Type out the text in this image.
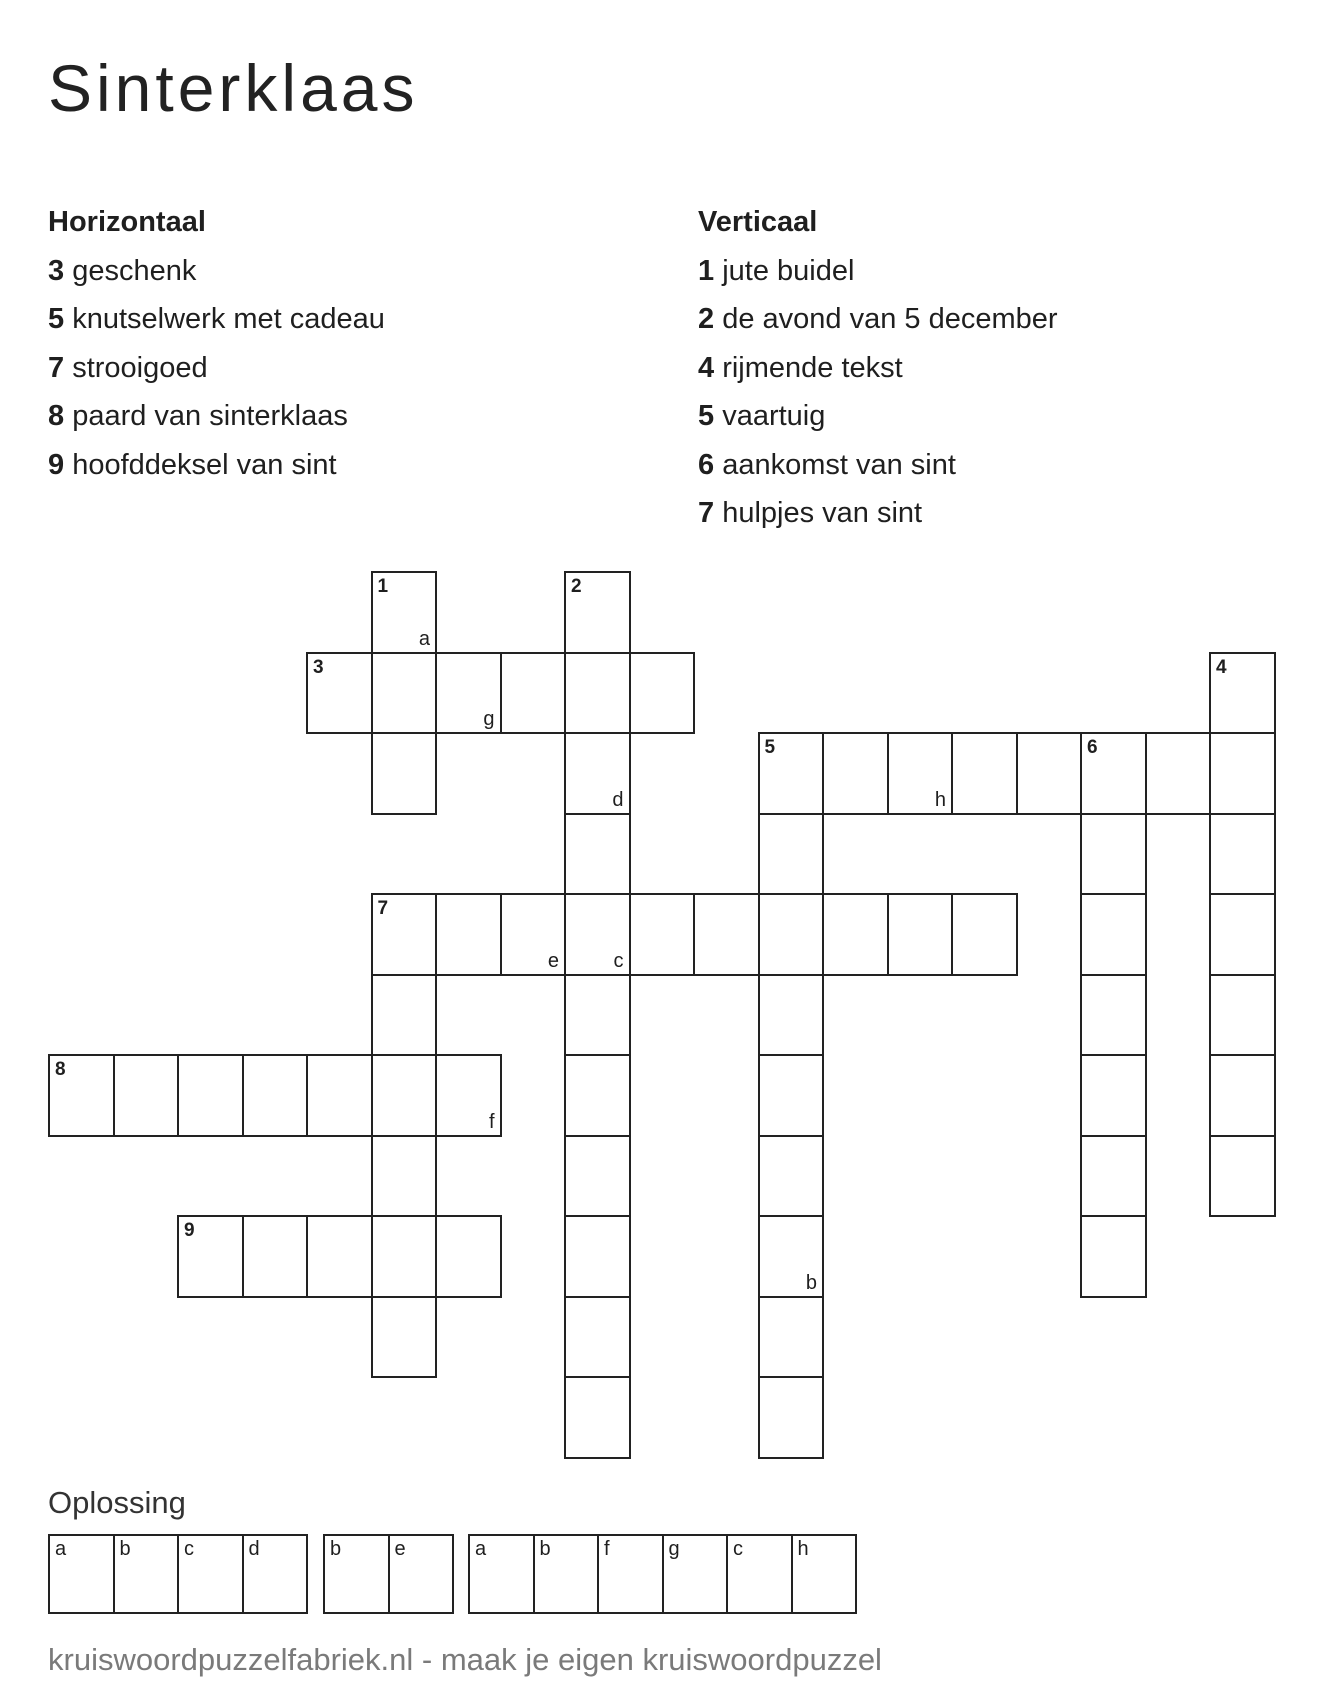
Sinterklaas
Horizontaal
3 geschenk
5 knutselwerk met cadeau
7 strooigoed
8 paard van sinterklaas
9 hoofddeksel van sint
Verticaal
1 jute buidel
2 de avond van 5 december
4 rijmende tekst
5 vaartuig
6 aankomst van sint
7 hulpjes van sint
1
a
2
d
c
3
g
4
5
h
6
b
7
e
8
f
9
Oplossing
a	b	c	d	b	e	a	b	f	g	c	h
kruiswoordpuzzelfabriek.nl - maak je eigen kruiswoordpuzzel
